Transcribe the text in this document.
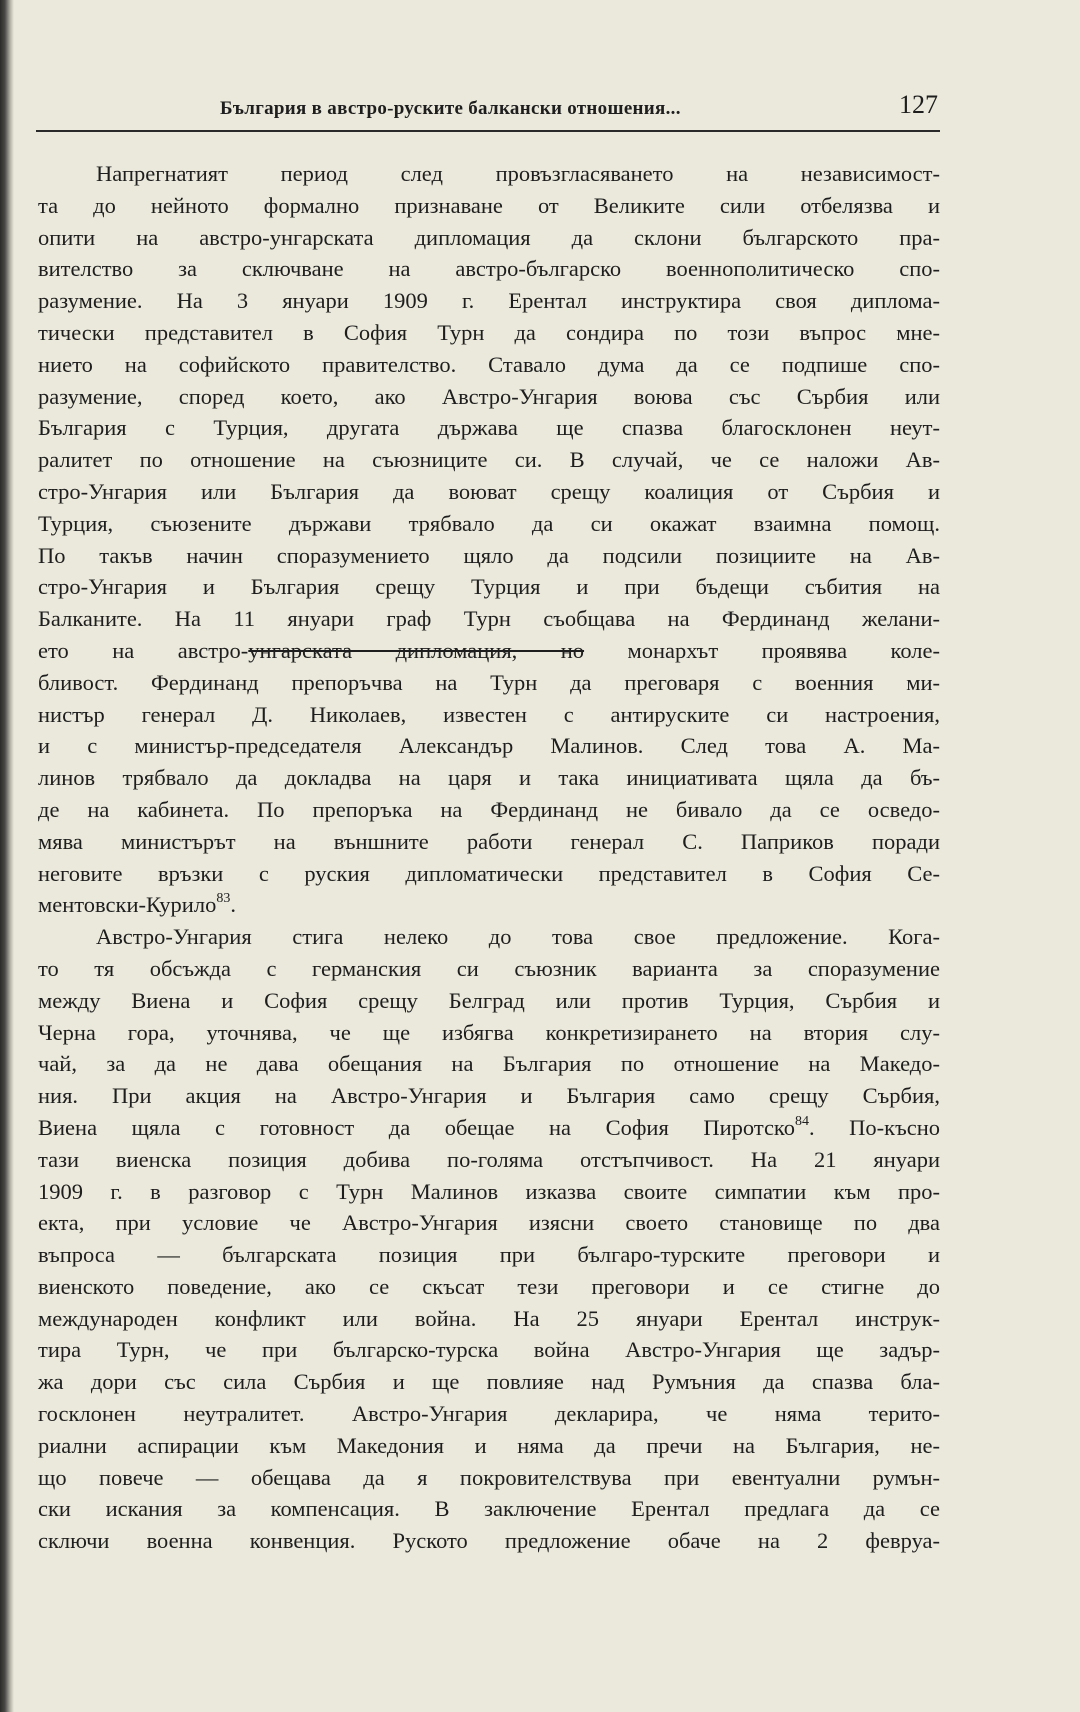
България в австро-руските балкански отношения...	127
Напрегнатият период след провъзгласяването на независимост-
та до нейното формално признаване от Великите сили отбелязва и
опити на австро-унгарската дипломация да склони българското пра-
вителство за сключване на австро-българско военнополитическо спо-
разумение. На 3 януари 1909 г. Ерентал инструктира своя диплома-
тически представител в София Турн да сондира по този въпрос мне-
нието на софийското правителство. Ставало дума да се подпише спо-
разумение, според което, ако Австро-Унгария воюва със Сърбия или
България с Турция, другата държава ще спазва благосклонен неут-
ралитет по отношение на съюзниците си. В случай, че се наложи Ав-
стро-Унгария или България да воюват срещу коалиция от Сърбия и
Турция, съюзените държави трябвало да си окажат взаимна помощ.
По такъв начин споразумението щяло да подсили позициите на Ав-
стро-Унгария и България срещу Турция и при бъдещи събития на
Балканите. На 11 януари граф Турн съобщава на Фердинанд желани-
ето на австро-унгарската дипломация, но монархът проявява коле-
бливост. Фердинанд препоръчва на Турн да преговаря с военния ми-
нистър генерал Д. Николаев, известен с антируските си настроения,
и с министър-председателя Александър Малинов. След това А. Ма-
линов трябвало да докладва на царя и така инициативата щяла да бъ-
де на кабинета. По препоръка на Фердинанд не бивало да се осведо-
мява министърът на външните работи генерал С. Паприков поради
неговите връзки с руския дипломатически представител в София Се-
ментовски-Курило$^{83}$.
Австро-Унгария стига нелеко до това свое предложение. Кога-
то тя обсъжда с германския си съюзник варианта за споразумение
между Виена и София срещу Белград или против Турция, Сърбия и
Черна гора, уточнява, че ще избягва конкретизирането на втория слу-
чай, за да не дава обещания на България по отношение на Македо-
ния. При акция на Австро-Унгария и България само срещу Сърбия,
Виена щяла с готовност да обещае на София Пиротско$^{84}$. По-късно
тази виенска позиция добива по-голяма отстъпчивост. На 21 януари
1909 г. в разговор с Турн Малинов изказва своите симпатии към про-
екта, при условие че Австро-Унгария изясни своето становище по два
въпроса — българската позиция при българо-турските преговори и
виенското поведение, ако се скъсат тези преговори и се стигне до
международен конфликт или война. На 25 януари Ерентал инструк-
тира Турн, че при българско-турска война Австро-Унгария ще задър-
жа дори със сила Сърбия и ще повлияе над Румъния да спазва бла-
госклонен неутралитет. Австро-Унгария декларира, че няма терито-
риални аспирации към Македония и няма да пречи на България, не-
що повече — обещава да я покровителствува при евентуални румън-
ски искания за компенсация. В заключение Ерентал предлага да се
сключи военна конвенция. Руското предложение обаче на 2 февруа-
